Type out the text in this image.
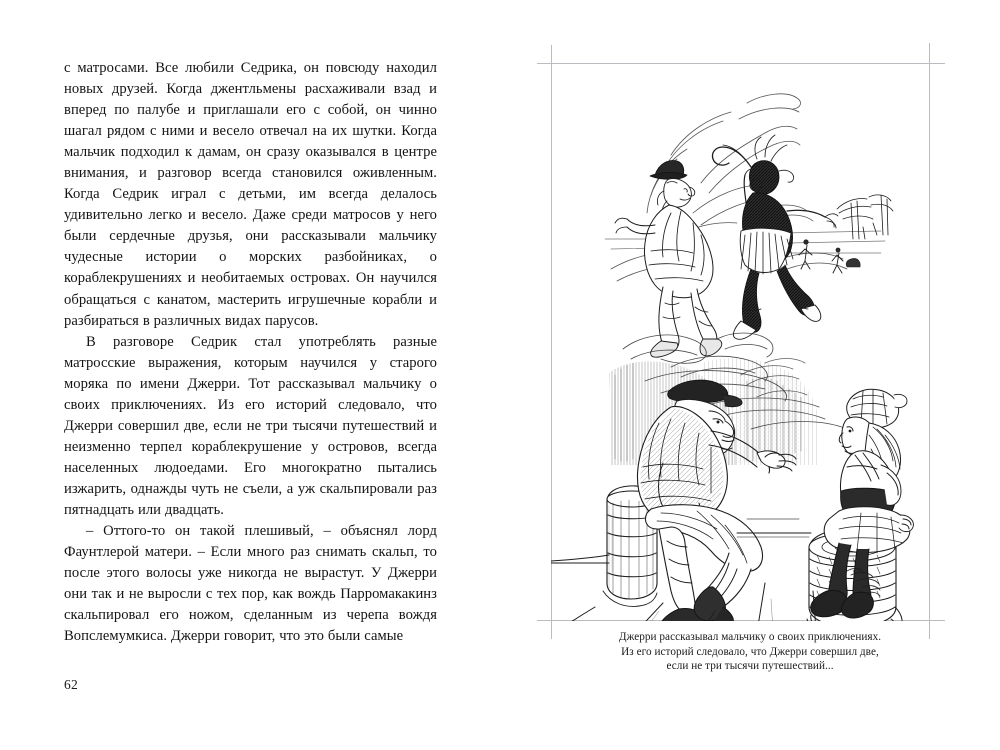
с матросами. Все любили Седрика, он повсюду находил новых друзей. Когда джентльмены расхаживали взад и вперед по палубе и приглашали его с собой, он чинно шагал рядом с ними и весело отвечал на их шутки. Когда мальчик подходил к дамам, он сразу оказывался в центре внимания, и разговор всегда становился оживленным. Когда Седрик играл с детьми, им всегда делалось удивительно легко и весело. Даже среди матросов у него были сердечные друзья, они рассказывали мальчику чудесные истории о морских разбойниках, о кораблекрушениях и необитаемых островах. Он научился обращаться с канатом, мастерить игрушечные корабли и разбираться в различных видах парусов.

В разговоре Седрик стал употреблять разные матросские выражения, которым научился у старого моряка по имени Джерри. Тот рассказывал мальчику о своих приключениях. Из его историй следовало, что Джерри совершил две, если не три тысячи путешествий и неизменно терпел кораблекрушение у островов, всегда населенных людоедами. Его многократно пытались изжарить, однажды чуть не съели, а уж скальпировали раз пятнадцать или двадцать.

– Оттого-то он такой плешивый, – объяснял лорд Фаунтлерой матери. – Если много раз снимать скальп, то после этого волосы уже никогда не вырастут. У Джерри они так и не выросли с тех пор, как вождь Парромакакинз скальпировал его ножом, сделанным из черепа вождя Вопслемумкиса. Джерри говорит, что это были самые

62
Джерри рассказывал мальчику о своих приключениях.
Из его историй следовало, что Джерри совершил две,
если не три тысячи путешествий...
